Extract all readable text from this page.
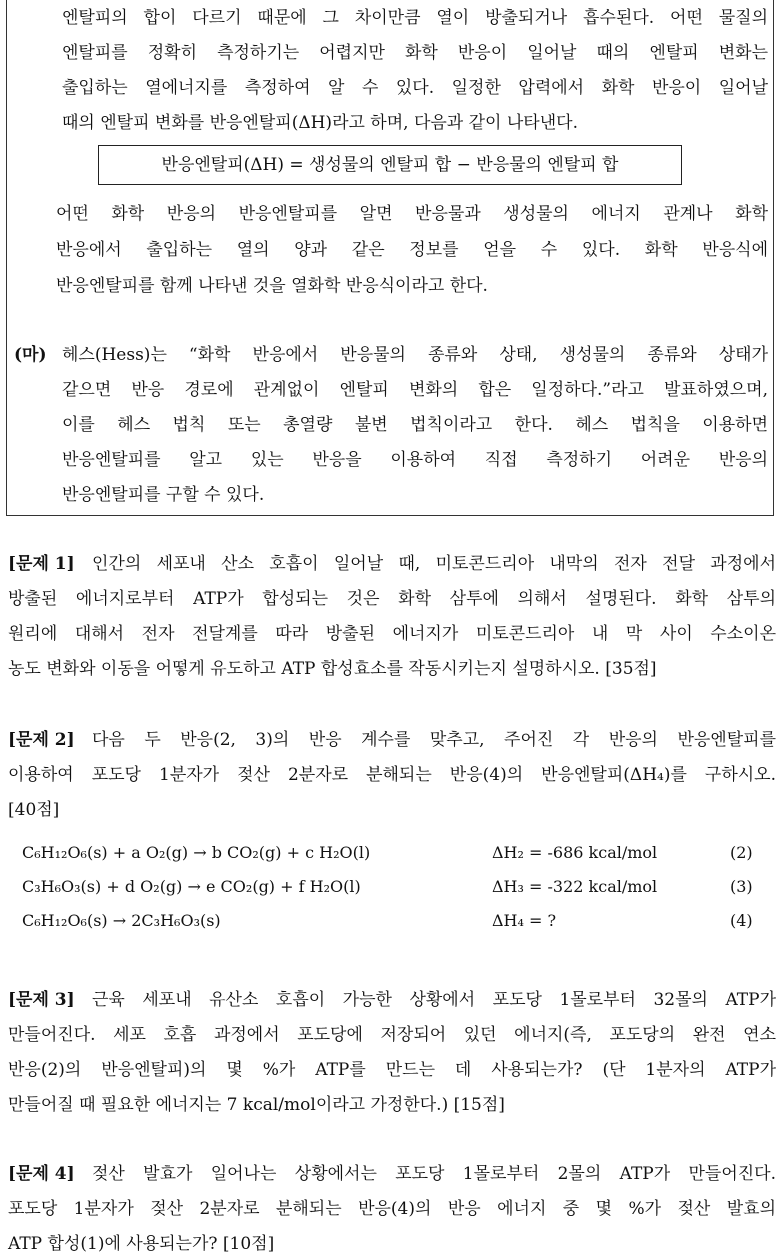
엔탈피의 합이 다르기 때문에 그 차이만큼 열이 방출되거나 흡수된다. 어떤 물질의
엔탈피를 정확히 측정하기는 어렵지만 화학 반응이 일어날 때의 엔탈피 변화는
출입하는 열에너지를 측정하여 알 수 있다. 일정한 압력에서 화학 반응이 일어날
때의 엔탈피 변화를 반응엔탈피(ΔH)라고 하며, 다음과 같이 나타낸다.
반응엔탈피(ΔH) = 생성물의 엔탈피 합 − 반응물의 엔탈피 합
어떤 화학 반응의 반응엔탈피를 알면 반응물과 생성물의 에너지 관계나 화학
반응에서 출입하는 열의 양과 같은 정보를 얻을 수 있다. 화학 반응식에
반응엔탈피를 함께 나타낸 것을 열화학 반응식이라고 한다.
(마) 헤스(Hess)는 “화학 반응에서 반응물의 종류와 상태, 생성물의 종류와 상태가
같으면 반응 경로에 관계없이 엔탈피 변화의 합은 일정하다.”라고 발표하였으며,
이를 헤스 법칙 또는 총열량 불변 법칙이라고 한다. 헤스 법칙을 이용하면
반응엔탈피를 알고 있는 반응을 이용하여 직접 측정하기 어려운 반응의
반응엔탈피를 구할 수 있다.
[문제 1] 인간의 세포내 산소 호흡이 일어날 때, 미토콘드리아 내막의 전자 전달 과정에서
방출된 에너지로부터 ATP가 합성되는 것은 화학 삼투에 의해서 설명된다. 화학 삼투의
원리에 대해서 전자 전달계를 따라 방출된 에너지가 미토콘드리아 내 막 사이 수소이온
농도 변화와 이동을 어떻게 유도하고 ATP 합성효소를 작동시키는지 설명하시오. [35점]
[문제 2] 다음 두 반응(2, 3)의 반응 계수를 맞추고, 주어진 각 반응의 반응엔탈피를
이용하여 포도당 1분자가 젖산 2분자로 분해되는 반응(4)의 반응엔탈피(ΔH₄)를 구하시오.
[40점]
C₆H₁₂O₆(s) + a O₂(g) → b CO₂(g) + c H₂O(l)	ΔH₂ = -686 kcal/mol	(2)
C₃H₆O₃(s) + d O₂(g) → e CO₂(g) + f H₂O(l)	ΔH₃ = -322 kcal/mol	(3)
C₆H₁₂O₆(s) → 2C₃H₆O₃(s)	ΔH₄ = ?	(4)
[문제 3] 근육 세포내 유산소 호흡이 가능한 상황에서 포도당 1몰로부터 32몰의 ATP가
만들어진다. 세포 호흡 과정에서 포도당에 저장되어 있던 에너지(즉, 포도당의 완전 연소
반응(2)의 반응엔탈피)의 몇 %가 ATP를 만드는 데 사용되는가? (단 1분자의 ATP가
만들어질 때 필요한 에너지는 7 kcal/mol이라고 가정한다.) [15점]
[문제 4] 젖산 발효가 일어나는 상황에서는 포도당 1몰로부터 2몰의 ATP가 만들어진다.
포도당 1분자가 젖산 2분자로 분해되는 반응(4)의 반응 에너지 중 몇 %가 젖산 발효의
ATP 합성(1)에 사용되는가? [10점]
